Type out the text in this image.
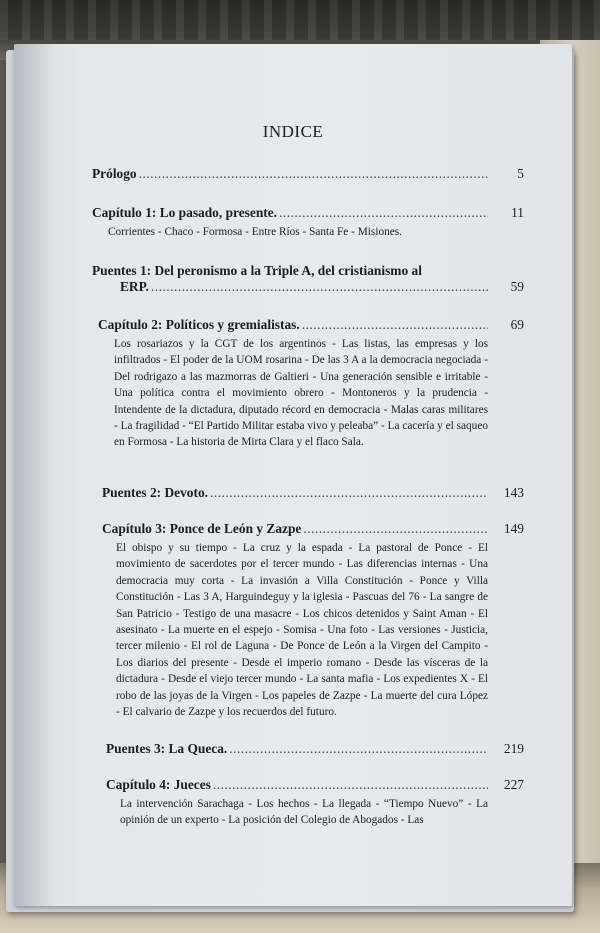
INDICE
Prólogo .....	5
Capítulo 1: Lo pasado, presente. .....	11
Corrientes - Chaco - Formosa - Entre Ríos - Santa Fe - Misiones.
Puentes 1: Del peronismo a la Triple A, del cristianismo al
ERP. .....	59
Capítulo 2: Políticos y gremialistas. .....	69
Los rosariazos y la CGT de los argentinos - Las listas, las empresas y los infiltrados - El poder de la UOM rosarina - De las 3 A a la democracia negociada - Del rodrigazo a las mazmorras de Galtieri - Una generación sensible e irritable - Una política contra el movimiento obrero - Montoneros y la prudencia - Intendente de la dictadura, diputado récord en democracia - Malas caras militares - La fragilidad - “El Partido Militar estaba vivo y peleaba” - La cacería y el saqueo en Formosa - La historia de Mirta Clara y el flaco Sala.
Puentes 2: Devoto. .....	143
Capítulo 3: Ponce de León y Zazpe .....	149
El obispo y su tiempo - La cruz y la espada - La pastoral de Ponce - El movimiento de sacerdotes por el tercer mundo - Las diferencias internas - Una democracia muy corta - La invasión a Villa Constitución - Ponce y Villa Constitución - Las 3 A, Harguindeguy y la iglesia - Pascuas del 76 - La sangre de San Patricio - Testigo de una masacre - Los chicos detenidos y Saint Aman - El asesinato - La muerte en el espejo - Somisa - Una foto - Las versiones - Justicia, tercer milenio - El rol de Laguna - De Ponce de León a la Virgen del Campito - Los diarios del presente - Desde el imperio romano - Desde las vísceras de la dictadura - Desde el viejo tercer mundo - La santa mafia - Los expedientes X - El robo de las joyas de la Virgen - Los papeles de Zazpe - La muerte del cura López - El calvario de Zazpe y los recuerdos del futuro.
Puentes 3: La Queca. .....	219
Capítulo 4: Jueces .....	227
La intervención Sarachaga - Los hechos - La llegada - “Tiempo Nuevo” - La opinión de un experto - La posición del Colegio de Abogados - Las
